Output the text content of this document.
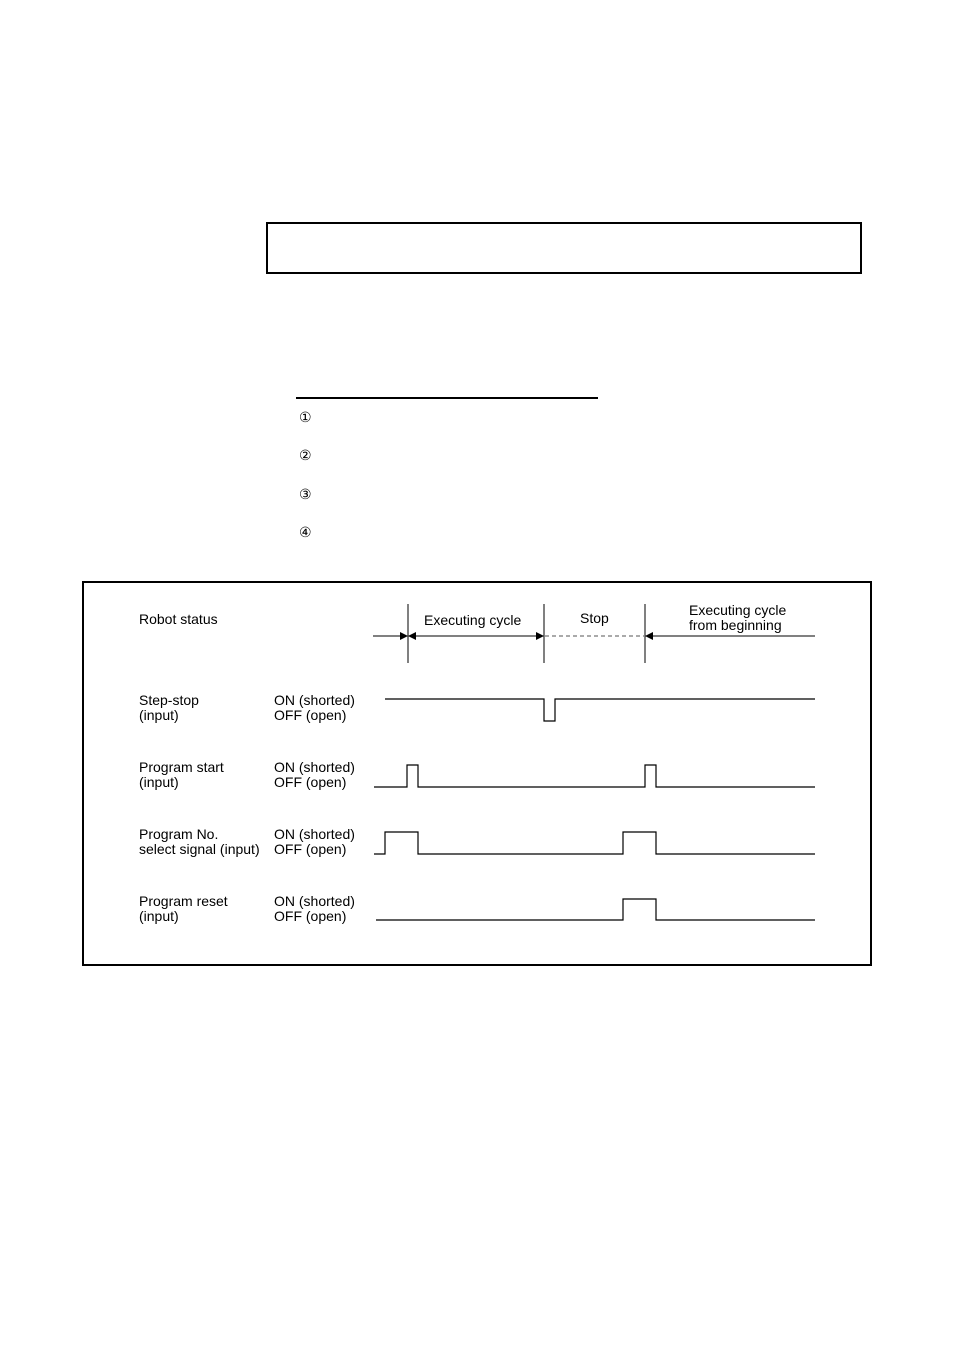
①
②
③
④
Robot status	Executing cycle	Stop	Executing cycle
from beginning
Step-stop
(input)
ON (shorted)
OFF (open)
Program start
(input)
ON (shorted)
OFF (open)
Program No.
select signal (input)
ON (shorted)
OFF (open)
Program reset
(input)
ON (shorted)
OFF (open)
